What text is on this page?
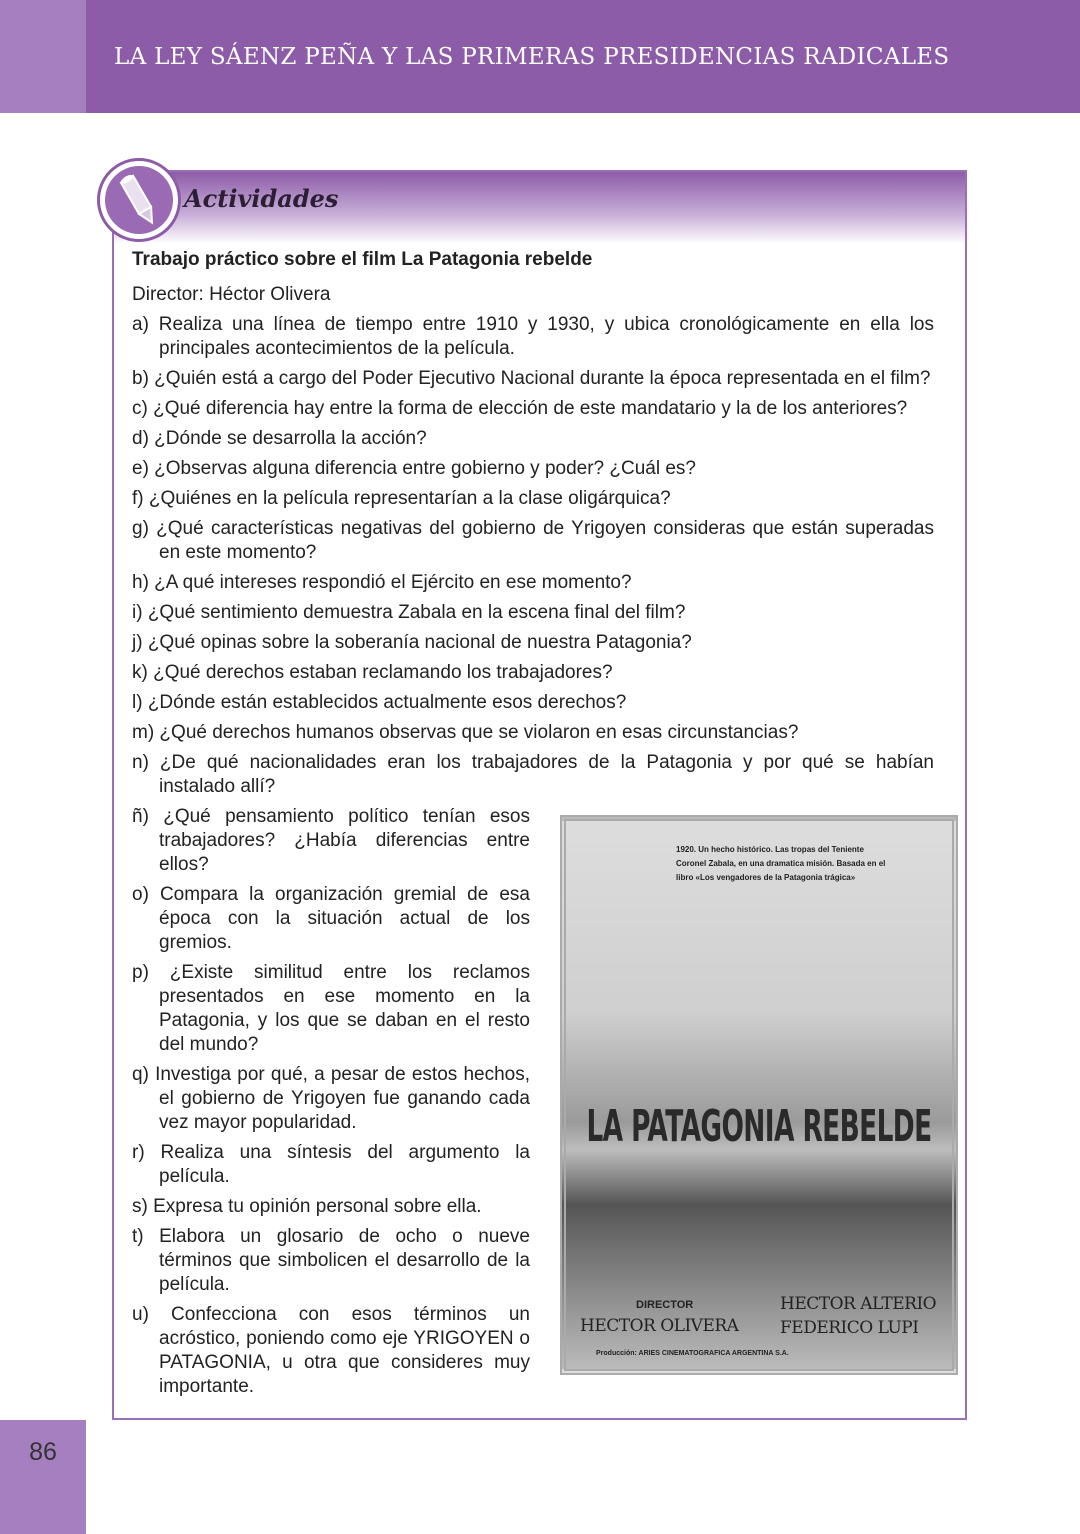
LA LEY SÁENZ PEÑA Y LAS PRIMERAS PRESIDENCIAS RADICALES
Actividades
Trabajo práctico sobre el film La Patagonia rebelde
Director: Héctor Olivera
a) Realiza una línea de tiempo entre 1910 y 1930, y ubica cronológicamente en ella los principales acontecimientos de la película.
b) ¿Quién está a cargo del Poder Ejecutivo Nacional durante la época representada en el film?
c) ¿Qué diferencia hay entre la forma de elección de este mandatario y la de los anteriores?
d) ¿Dónde se desarrolla la acción?
e) ¿Observas alguna diferencia entre gobierno y poder? ¿Cuál es?
f) ¿Quiénes en la película representarían a la clase oligárquica?
g) ¿Qué características negativas del gobierno de Yrigoyen consideras que están superadas en este momento?
h) ¿A qué intereses respondió el Ejército en ese momento?
i) ¿Qué sentimiento demuestra Zabala en la escena final del film?
j) ¿Qué opinas sobre la soberanía nacional de nuestra Patagonia?
k) ¿Qué derechos estaban reclamando los trabajadores?
l) ¿Dónde están establecidos actualmente esos derechos?
m) ¿Qué derechos humanos observas que se violaron en esas circunstancias?
n) ¿De qué nacionalidades eran los trabajadores de la Patagonia y por qué se habían instalado allí?
ñ) ¿Qué pensamiento político tenían esos trabajadores? ¿Había diferencias entre ellos?
o) Compara la organización gremial de esa época con la situación actual de los gremios.
p) ¿Existe similitud entre los reclamos presentados en ese momento en la Patagonia, y los que se daban en el resto del mundo?
q) Investiga por qué, a pesar de estos hechos, el gobierno de Yrigoyen fue ganando cada vez mayor popularidad.
r) Realiza una síntesis del argumento la película.
s) Expresa tu opinión personal sobre ella.
t) Elabora un glosario de ocho o nueve términos que simbolicen el desarrollo de la película.
u) Confecciona con esos términos un acróstico, poniendo como eje YRIGOYEN o PATAGONIA, u otra que consideres muy importante.
1920. Un hecho histórico. Las tropas del Teniente Coronel Zabala, en una dramatica misión. Basada en el libro «Los vengadores de la Patagonia trágica»
LA PATAGONIA REBELDE
DIRECTOR
HECTOR OLIVERA
HECTOR ALTERIO
FEDERICO LUPI
Producción: ARIES CINEMATOGRAFICA ARGENTINA S.A.
86
